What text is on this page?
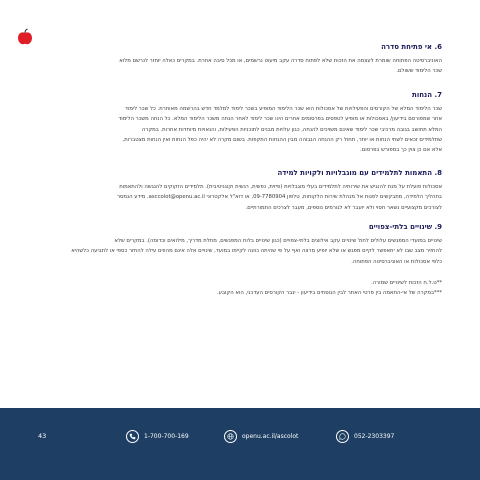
6. אי פתיחת סדרה

האוניברסיטה הפתוחה שומרת לעצמה את הזכות שלא לפתוח סדרה עקב מיעוט נרשמים, או מכל סיבה אחרת. במקרים כאלה יוחזר לנרשם מלוא
שכר הלימוד ששולם.

7. הנחות

שכר הלימוד המלא של הקורסים והפעילויות של אסכולות הוא שכר הלימוד המופיע בשכר לימוד למלמד חדש בהרשמה מאוחרת. כל שכר לימוד
אחר שמפורסם בידיעון/ באסכולות או מופיע לטפסים בפרסומים אחרים הינו שכר לימוד לאחר הנחה משכר הלימוד המלא. כל הנחה משכר הלימוד
המלא תחושב בגובה מרכיבי שכר לימוד שאינם משויכים להנחה, כגון עלויות מבנים לתוכניות הפעילות, והנאויות מיוחדות אחרות. במקרה
שתלמידים זכאים לשתי הנחות או יותר, תחול רק ההנחה הגבוהה מבין ההנחות התקפות. בשום מקרה לא יהיה כפל הנחות ואין הנחות מצטברות,
אלא אם כן צוין כך במפורש בפרסום.

8. התאמות לתלמידים עם מוגבלויות ולקויות למידה

אסכולות פועלת על מנת להנגיש את שירותיה לתלמידים בעלי מוגבלויות (פיזית, נפשית, רגשית וקוגניטיבית). תלמידים הזקוקים להנגשה ולהתאמות
בתהליך הלמידה, מתבקשים לפנות אל מנהלת שירות הלקוחות, טלפון 09-7780904, או דוא"ל אלקטרוני asccolot@openu.ac.il. מידע הנמסר
לצורכים מקצועיים נשאר חסוי ולא יועבר לא לגורמים נוספים, מעבר לצרכים התמורתיים.

9. שינויים בלתי-צפויים

שינויים במועדי המפגשים עלולים לחול שינויים עקב אילוצים בלתי-צפויים (כגון שינויים בלוח המפגשים, מחלת מדריך, מילואים וכדומה). במקרים שלא
להחזיר מצב שבו לא יתאפשר לקיים מפגש או שלא יופיע מרצה ואף על פי שהיתה כוונה לקיימו במועד, שינויים אלה אינם מהווים עילה להחזר כספי או לתביעה כלשהיא
כלפי אסכולות או האוניברסיטה הפתוחה.

**ט.ל.ח הזכות לשינויים שמורה.
***במקרה של אי-התאמה בין פרטי האתר לבין הנוסחים בידיעון - יגבר הקורסים העדכני, הוא הקובע.
43	1-700-700-169	openu.ac.il/ascolot	052-2303397
